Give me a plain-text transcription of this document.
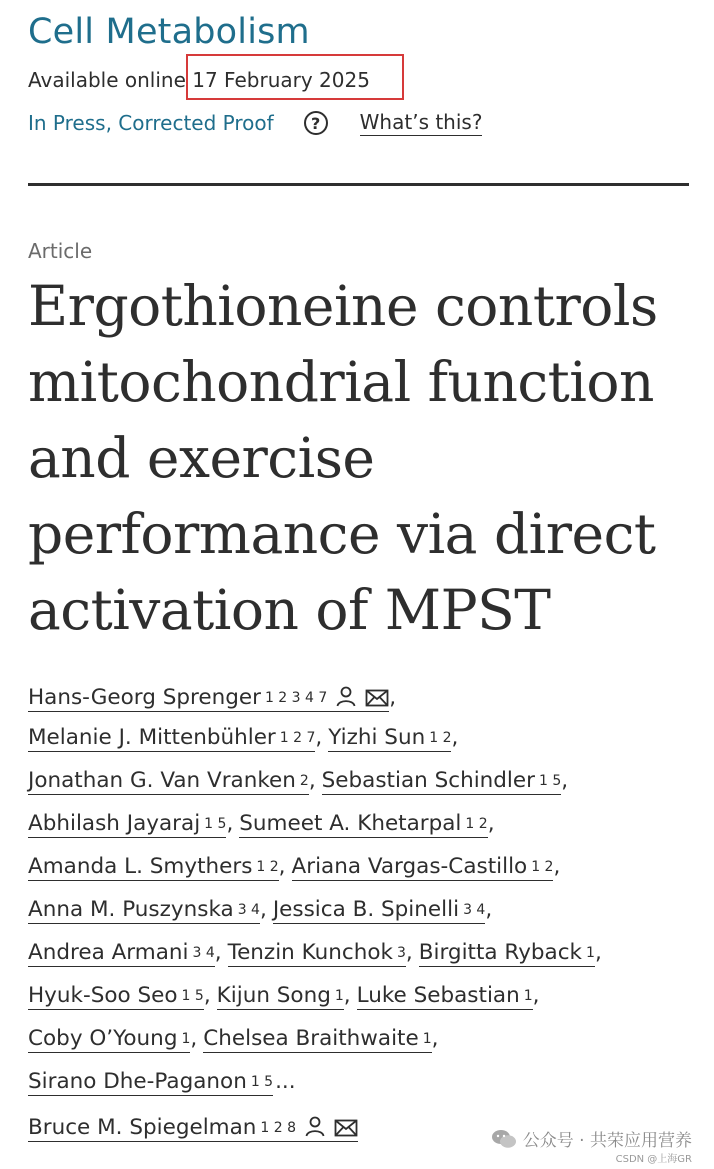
Cell Metabolism
Available online 17 February 2025
In Press, Corrected Proof	?	What’s this?
Article
Ergothioneine controls
mitochondrial function
and exercise
performance via direct
activation of MPST
Hans-Georg Sprenger $^{1 2 3 4 7}$	,
Melanie J. Mittenbühler $^{1 2 7}$ , Yizhi Sun $^{1 2}$ ,
Jonathan G. Van Vranken $^2$ , Sebastian Schindler $^{1 5}$ ,
Abhilash Jayaraj $^{1 5}$ , Sumeet A. Khetarpal $^{1 2}$ ,
Amanda L. Smythers $^{1 2}$ , Ariana Vargas-Castillo $^{1 2}$ ,
Anna M. Puszynska $^{3 4}$ , Jessica B. Spinelli $^{3 4}$ ,
Andrea Armani $^{3 4}$ , Tenzin Kunchok $^3$ , Birgitta Ryback $^1$ ,
Hyuk-Soo Seo $^{1 5}$ , Kijun Song $^1$ , Luke Sebastian $^1$ ,
Coby O’Young $^1$ , Chelsea Braithwaite $^1$ ,
Sirano Dhe-Paganon $^{1 5}$ ...
Bruce M. Spiegelman $^{1 2 8}$
公众号 · 共荣应用营养
CSDN @上海GR
